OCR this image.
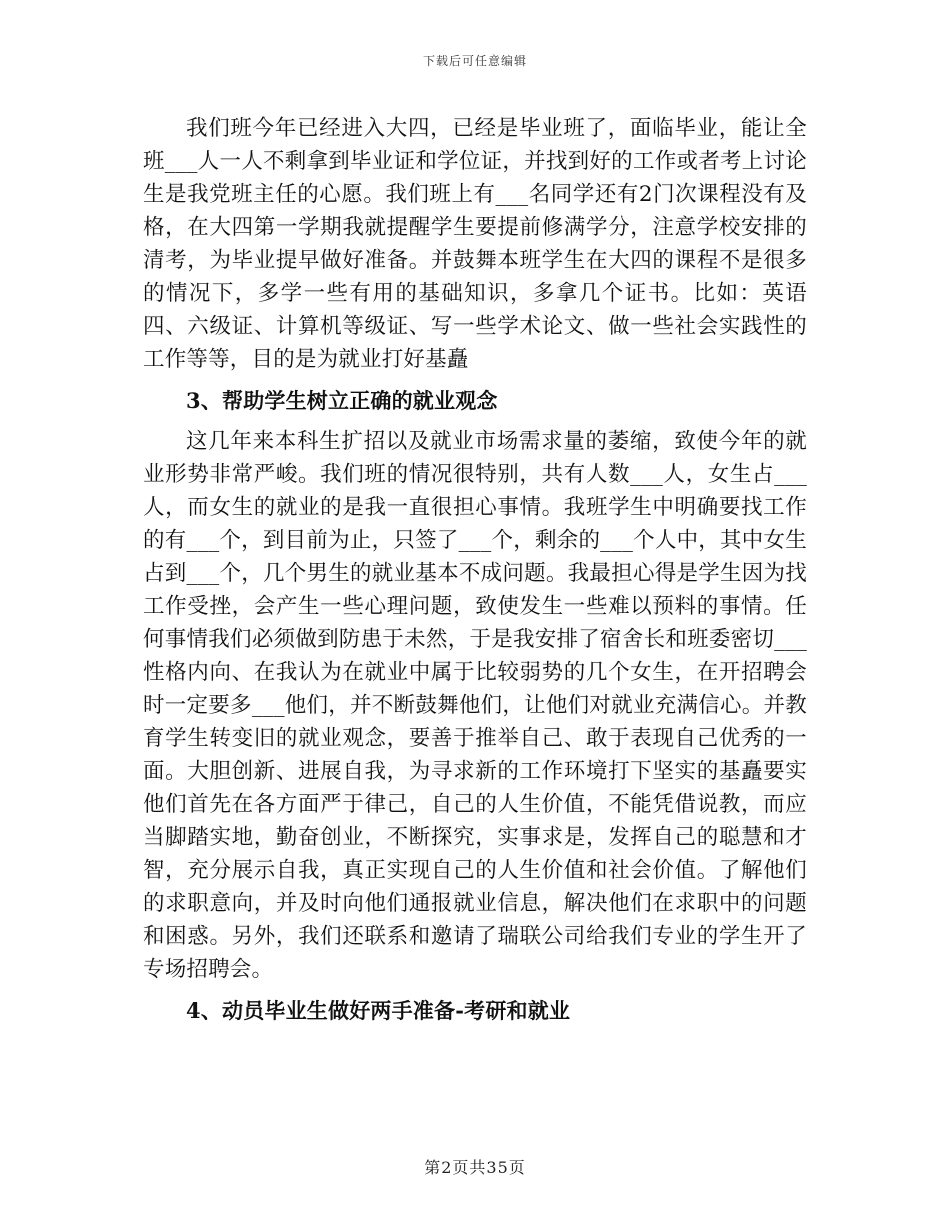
下载后可任意编辑

我们班今年已经进入大四，已经是毕业班了，面临毕业，能让全班___人一人不剩拿到毕业证和学位证，并找到好的工作或者考上讨论生是我党班主任的心愿。我们班上有___名同学还有2门次课程没有及格，在大四第一学期我就提醒学生要提前修满学分，注意学校安排的清考，为毕业提早做好准备。并鼓舞本班学生在大四的课程不是很多的情况下，多学一些有用的基础知识，多拿几个证书。比如：英语四、六级证、计算机等级证、写一些学术论文、做一些社会实践性的工作等等，目的是为就业打好基矗

3、帮助学生树立正确的就业观念

这几年来本科生扩招以及就业市场需求量的萎缩，致使今年的就业形势非常严峻。我们班的情况很特别，共有人数___人，女生占___人，而女生的就业的是我一直很担心事情。我班学生中明确要找工作的有___个，到目前为止，只签了___个，剩余的___个人中，其中女生占到___个，几个男生的就业基本不成问题。我最担心得是学生因为找工作受挫，会产生一些心理问题，致使发生一些难以预料的事情。任何事情我们必须做到防患于未然，于是我安排了宿舍长和班委密切___性格内向、在我认为在就业中属于比较弱势的几个女生，在开招聘会时一定要多___他们，并不断鼓舞他们，让他们对就业充满信心。并教育学生转变旧的就业观念，要善于推举自己、敢于表现自己优秀的一面。大胆创新、进展自我，为寻求新的工作环境打下坚实的基矗要实他们首先在各方面严于律己，自己的人生价值，不能凭借说教，而应当脚踏实地，勤奋创业，不断探究，实事求是，发挥自己的聪慧和才智，充分展示自我，真正实现自己的人生价值和社会价值。了解他们的求职意向，并及时向他们通报就业信息，解决他们在求职中的问题和困惑。另外，我们还联系和邀请了瑞联公司给我们专业的学生开了专场招聘会。

4、动员毕业生做好两手准备-考研和就业
第2页共35页
